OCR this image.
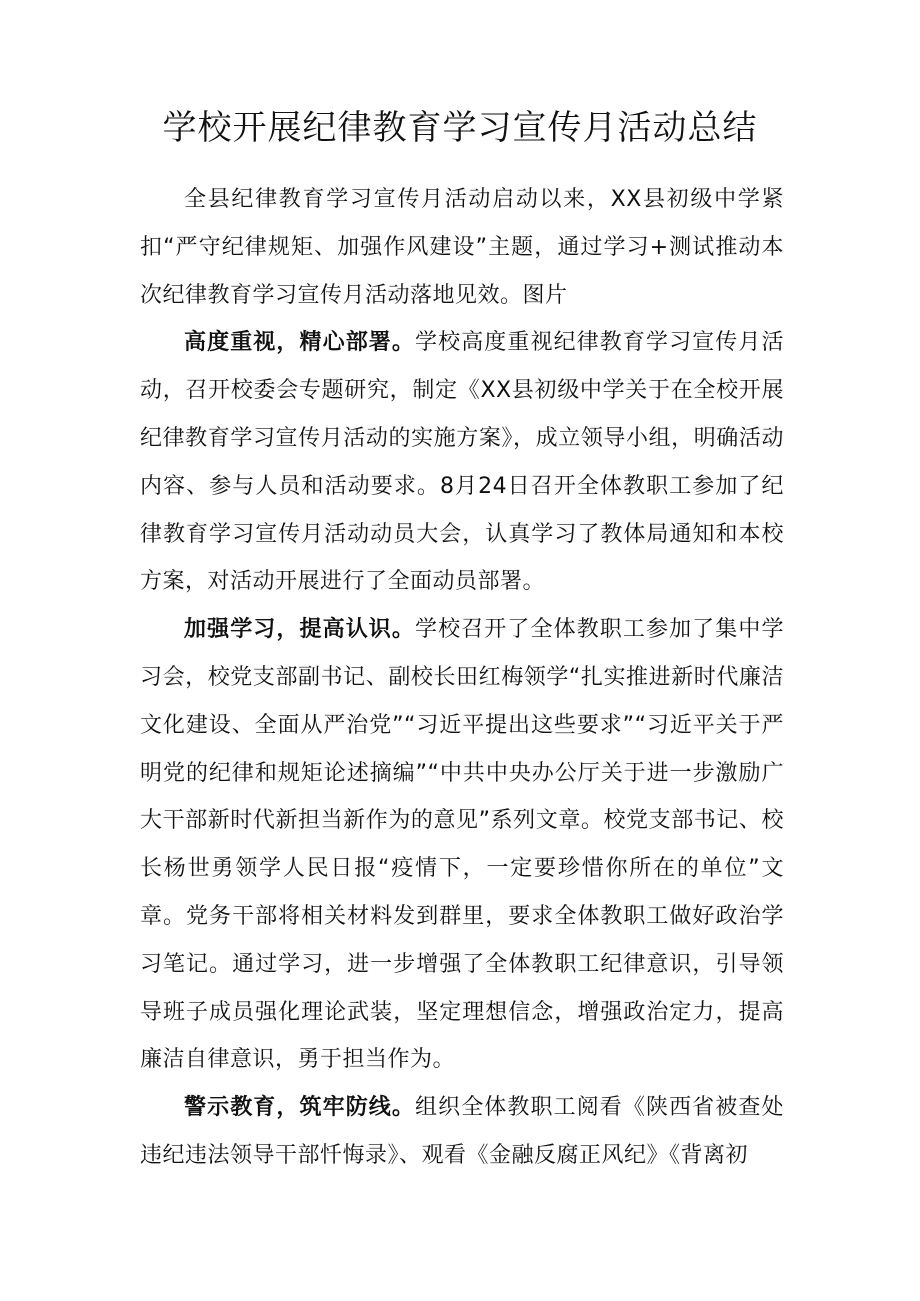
学校开展纪律教育学习宣传月活动总结

全县纪律教育学习宣传月活动启动以来，XX县初级中学紧扣“严守纪律规矩、加强作风建设”主题，通过学习+测试推动本次纪律教育学习宣传月活动落地见效。图片

高度重视，精心部署。学校高度重视纪律教育学习宣传月活动，召开校委会专题研究，制定《XX县初级中学关于在全校开展纪律教育学习宣传月活动的实施方案》，成立领导小组，明确活动内容、参与人员和活动要求。8月24日召开全体教职工参加了纪律教育学习宣传月活动动员大会，认真学习了教体局通知和本校方案，对活动开展进行了全面动员部署。

加强学习，提高认识。学校召开了全体教职工参加了集中学习会，校党支部副书记、副校长田红梅领学“扎实推进新时代廉洁文化建设、全面从严治党”“习近平提出这些要求”“习近平关于严明党的纪律和规矩论述摘编”“中共中央办公厅关于进一步激励广大干部新时代新担当新作为的意见”系列文章。校党支部书记、校长杨世勇领学人民日报“疫情下，一定要珍惜你所在的单位”文章。党务干部将相关材料发到群里，要求全体教职工做好政治学习笔记。通过学习，进一步增强了全体教职工纪律意识，引导领导班子成员强化理论武装，坚定理想信念，增强政治定力，提高廉洁自律意识，勇于担当作为。

警示教育，筑牢防线。组织全体教职工阅看《陕西省被查处违纪违法领导干部忏悔录》、观看《金融反腐正风纪》《背离初
